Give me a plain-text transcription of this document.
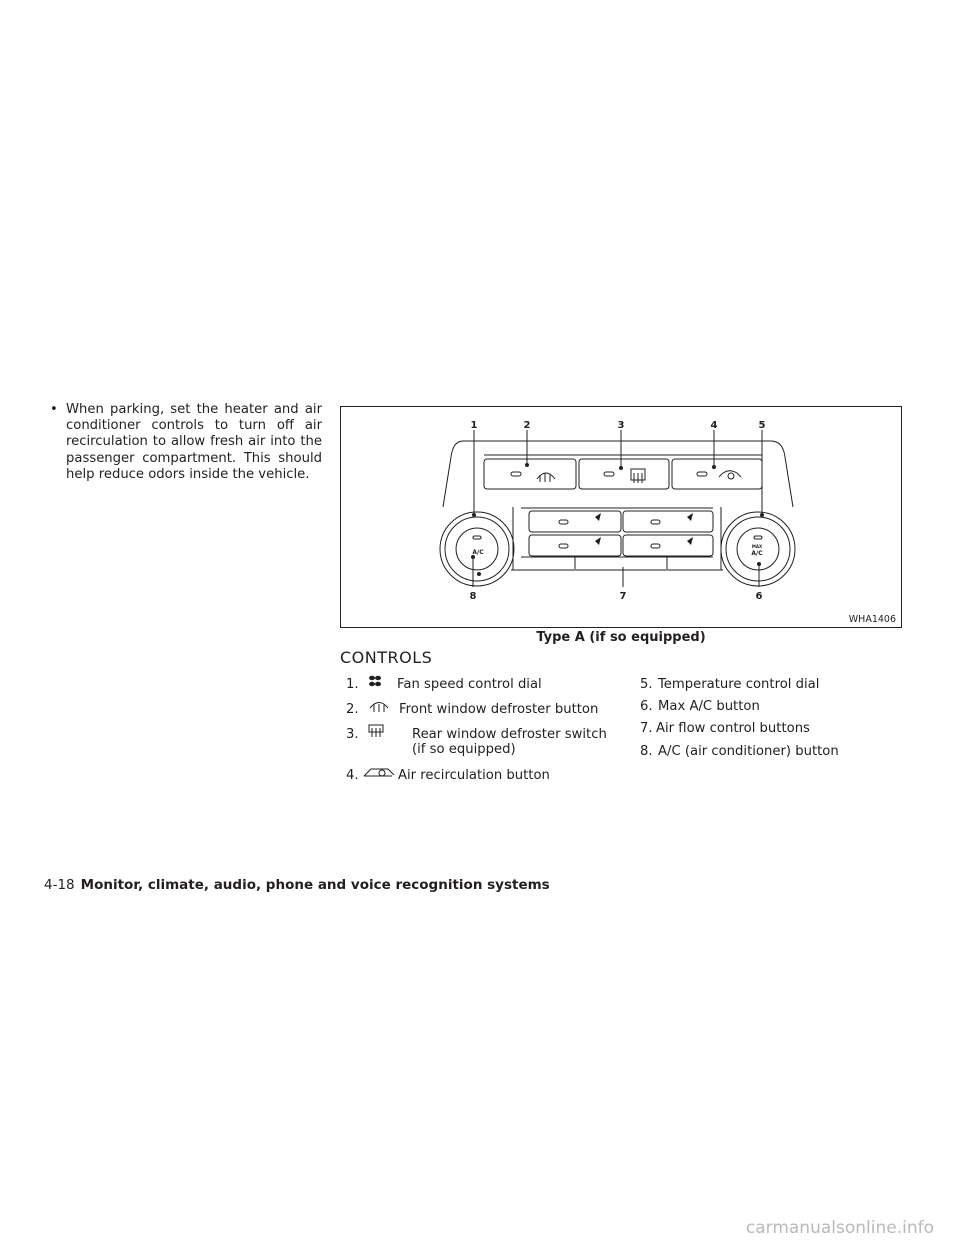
• When parking, set the heater and air conditioner controls to turn off air recirculation to allow fresh air into the passenger compartment. This should help reduce odors inside the vehicle.

1	2	3	4	5
6
7
8
A/C
MAX
A/C
WHA1406
Type A (if so equipped)
CONTROLS
1.	Fan speed control dial
2.	Front window defroster button
3.	Rear window defroster switch
(if so equipped)
4.	Air recirculation button
5. Temperature control dial
6. Max A/C button
7. Air flow control buttons
8. A/C (air conditioner) button
4-18 Monitor, climate, audio, phone and voice recognition systems
carmanualsonline.info
